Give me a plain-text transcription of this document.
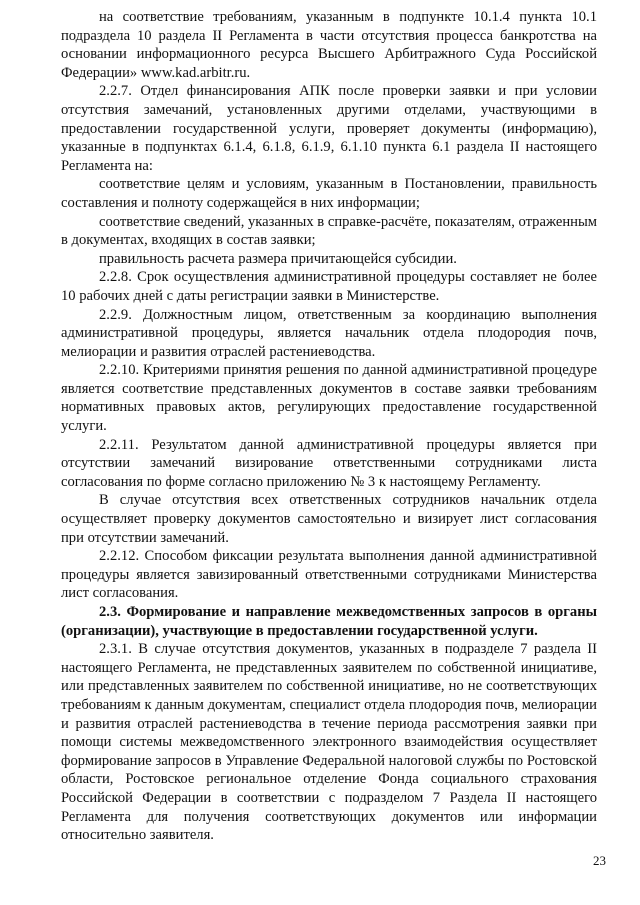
на соответствие требованиям, указанным в подпункте 10.1.4 пункта 10.1 подраздела 10 раздела II Регламента в части отсутствия процесса банкротства на основании информационного ресурса Высшего Арбитражного Суда Российской Федерации» www.kad.arbitr.ru.

2.2.7. Отдел финансирования АПК после проверки заявки и при условии отсутствия замечаний, установленных другими отделами, участвующими в предоставлении государственной услуги, проверяет документы (информацию), указанные в подпунктах 6.1.4, 6.1.8, 6.1.9, 6.1.10 пункта 6.1 раздела II настоящего Регламента на:

соответствие целям и условиям, указанным в Постановлении, правильность составления и полноту содержащейся в них информации;

соответствие сведений, указанных в справке-расчёте, показателям, отраженным в документах, входящих в состав заявки;

правильность расчета размера причитающейся субсидии.

2.2.8. Срок осуществления административной процедуры составляет не более 10 рабочих дней с даты регистрации заявки в Министерстве.

2.2.9. Должностным лицом, ответственным за координацию выполнения административной процедуры, является начальник отдела плодородия почв, мелиорации и развития отраслей растениеводства.

2.2.10. Критериями принятия решения по данной административной процедуре является соответствие представленных документов в составе заявки требованиям нормативных правовых актов, регулирующих предоставление государственной услуги.

2.2.11. Результатом данной административной процедуры является при отсутствии замечаний визирование ответственными сотрудниками листа согласования по форме согласно приложению № 3 к настоящему Регламенту.

В случае отсутствия всех ответственных сотрудников начальник отдела осуществляет проверку документов самостоятельно и визирует лист согласования при отсутствии замечаний.

2.2.12. Способом фиксации результата выполнения данной административной процедуры является завизированный ответственными сотрудниками Министерства лист согласования.

2.3. Формирование и направление межведомственных запросов в органы (организации), участвующие в предоставлении государственной услуги.

2.3.1. В случае отсутствия документов, указанных в подразделе 7 раздела II настоящего Регламента, не представленных заявителем по собственной инициативе, или представленных заявителем по собственной инициативе, но не соответствующих требованиям к данным документам, специалист отдела плодородия почв, мелиорации и развития отраслей растениеводства в течение периода рассмотрения заявки при помощи системы межведомственного электронного взаимодействия осуществляет формирование запросов в Управление Федеральной налоговой службы по Ростовской области, Ростовское региональное отделение Фонда социального страхования Российской Федерации в соответствии с подразделом 7 Раздела II настоящего Регламента для получения соответствующих документов или информации относительно заявителя.

23
